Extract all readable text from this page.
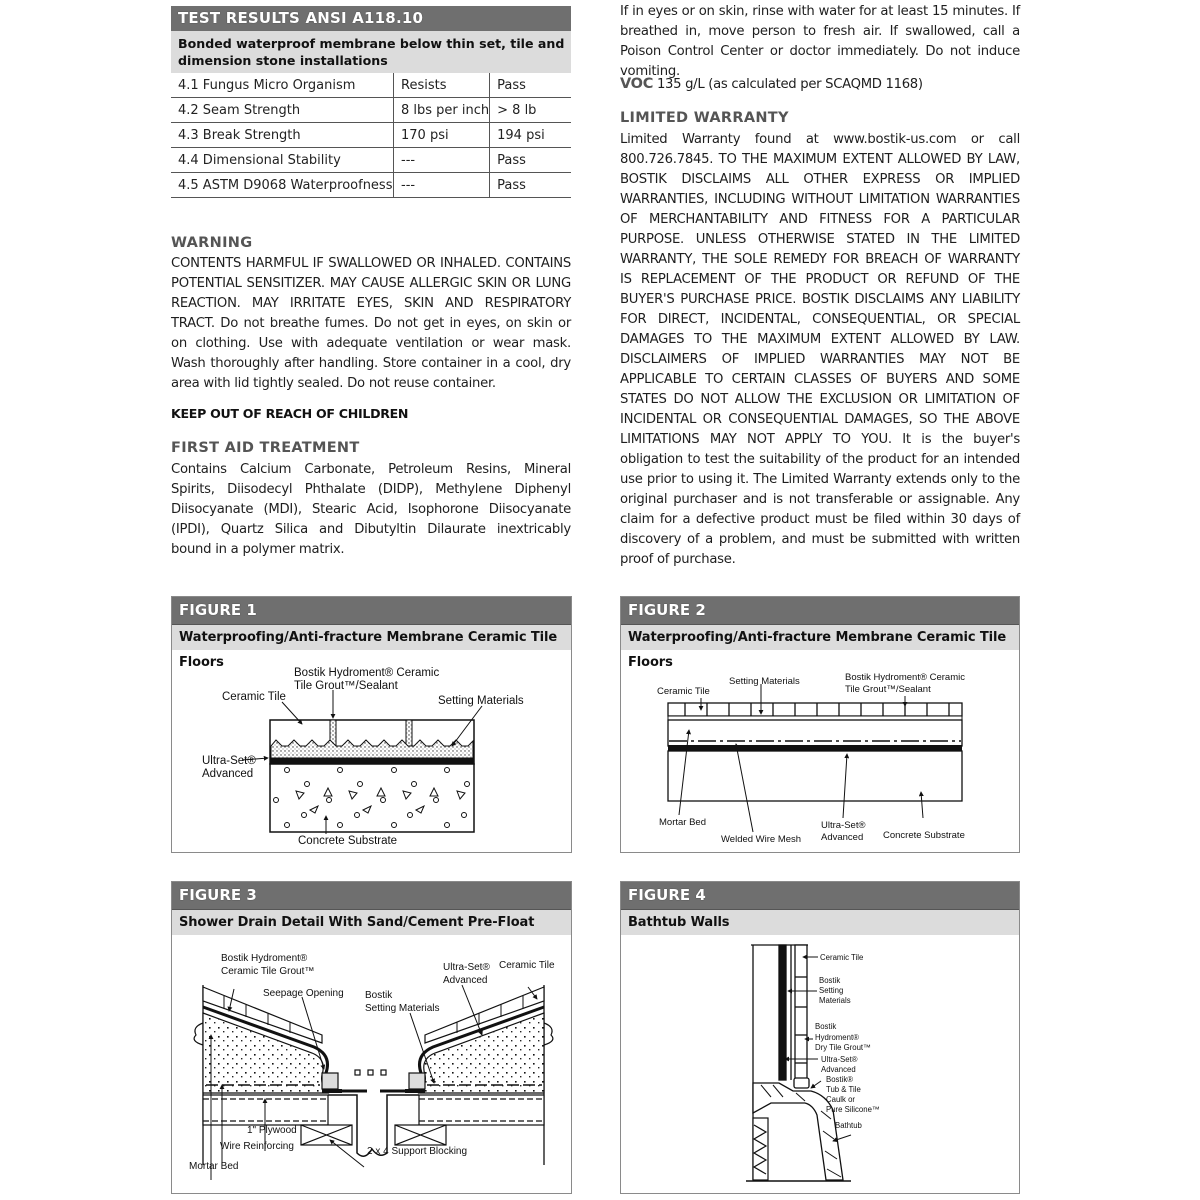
TEST RESULTS ANSI A118.10
Bonded waterproof membrane below thin set, tile and dimension stone installations
4.1 Fungus Micro Organism	Resists	Pass
4.2 Seam Strength	8 lbs per inch	> 8 lb
4.3 Break Strength	170 psi	194 psi
4.4 Dimensional Stability	---	Pass
4.5 ASTM D9068 Waterproofness	---	Pass
WARNING
CONTENTS HARMFUL IF SWALLOWED OR INHALED. CONTAINS POTENTIAL SENSITIZER. MAY CAUSE ALLERGIC SKIN OR LUNG REACTION. MAY IRRITATE EYES, SKIN AND RESPIRATORY TRACT. Do not breathe fumes. Do not get in eyes, on skin or on clothing. Use with adequate ventilation or wear mask. Wash thoroughly after handling. Store container in a cool, dry area with lid tightly sealed. Do not reuse container.
KEEP OUT OF REACH OF CHILDREN
FIRST AID TREATMENT
Contains Calcium Carbonate, Petroleum Resins, Mineral Spirits, Diisodecyl Phthalate (DIDP), Methylene Diphenyl Diisocyanate (MDI), Stearic Acid, Isophorone Diisocyanate (IPDI), Quartz Silica and Dibutyltin Dilaurate inextricably bound in a polymer matrix.
If in eyes or on skin, rinse with water for at least 15 minutes. If breathed in, move person to fresh air. If swallowed, call a Poison Control Center or doctor immediately. Do not induce vomiting.
VOC 135 g/L (as calculated per SCAQMD 1168)
LIMITED WARRANTY
Limited Warranty found at www.bostik-us.com or call 800.726.7845. TO THE MAXIMUM EXTENT ALLOWED BY LAW, BOSTIK DISCLAIMS ALL OTHER EXPRESS OR IMPLIED WARRANTIES, INCLUDING WITHOUT LIMITATION WARRANTIES OF MERCHANTABILITY AND FITNESS FOR A PARTICULAR PURPOSE. UNLESS OTHERWISE STATED IN THE LIMITED WARRANTY, THE SOLE REMEDY FOR BREACH OF WARRANTY IS REPLACEMENT OF THE PRODUCT OR REFUND OF THE BUYER'S PURCHASE PRICE. BOSTIK DISCLAIMS ANY LIABILITY FOR DIRECT, INCIDENTAL, CONSEQUENTIAL, OR SPECIAL DAMAGES TO THE MAXIMUM EXTENT ALLOWED BY LAW. DISCLAIMERS OF IMPLIED WARRANTIES MAY NOT BE APPLICABLE TO CERTAIN CLASSES OF BUYERS AND SOME STATES DO NOT ALLOW THE EXCLUSION OR LIMITATION OF INCIDENTAL OR CONSEQUENTIAL DAMAGES, SO THE ABOVE LIMITATIONS MAY NOT APPLY TO YOU. It is the buyer's obligation to test the suitability of the product for an intended use prior to using it. The Limited Warranty extends only to the original purchaser and is not transferable or assignable. Any claim for a defective product must be filed within 30 days of discovery of a problem, and must be submitted with written proof of purchase.
FIGURE 1
Waterproofing/Anti-fracture Membrane Ceramic Tile Floors
Bostik Hydroment® Ceramic
Tile Grout™/Sealant
Ceramic Tile	Setting Materials
Ultra-Set®
Advanced
Concrete Substrate
FIGURE 2
Waterproofing/Anti-fracture Membrane Ceramic Tile Floors
Ceramic Tile
Setting Materials	Bostik Hydroment® Ceramic
Tile Grout™/Sealant
Mortar Bed
Welded Wire Mesh
Ultra-Set®
Advanced Concrete Substrate
FIGURE 3
Shower Drain Detail With Sand/Cement Pre-Float
Bostik Hydroment®
Ceramic Tile Grout™
Seepage Opening Bostik
Setting Materials
Ultra-Set®
Advanced
Ceramic Tile
1" Plywood
Wire Reinforcing	2 x 4 Support Blocking
Mortar Bed
FIGURE 4
Bathtub Walls
Ceramic Tile
Bostik
Setting
Materials
Bostik
Hydroment®
Dry Tile Grout™
Ultra-Set®
Advanced
Bostik®
Tub & Tile
Caulk or
Pure Silicone™
Bathtub
